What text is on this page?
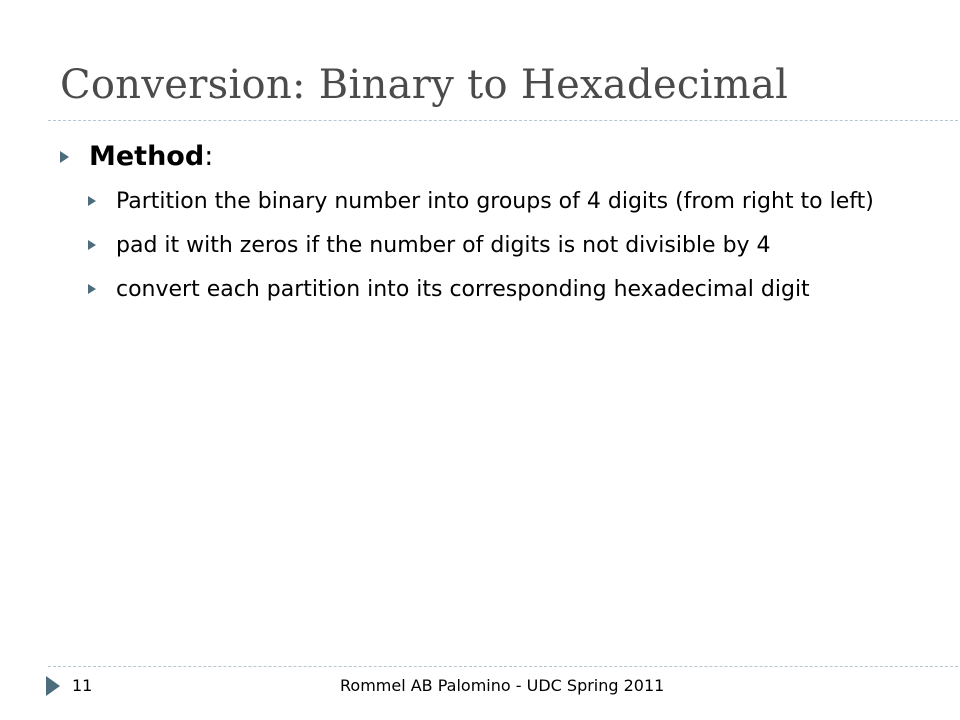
Conversion: Binary to Hexadecimal
Method:
Partition the binary number into groups of 4 digits (from right to left)
pad it with zeros if the number of digits is not divisible by 4
convert each partition into its corresponding hexadecimal digit
11	Rommel AB Palomino - UDC Spring 2011
